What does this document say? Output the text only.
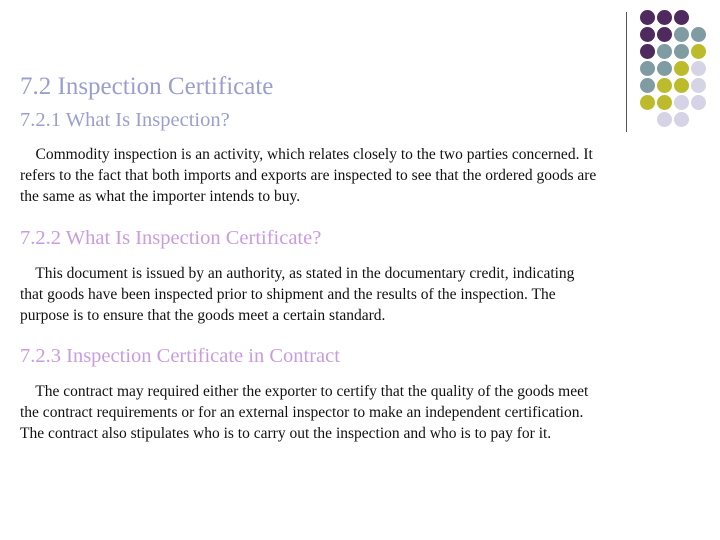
7.2 Inspection Certificate
7.2.1 What Is Inspection?

Commodity inspection is an activity, which relates closely to the two parties concerned. It
refers to the fact that both imports and exports are inspected to see that the ordered goods are
the same as what the importer intends to buy.

7.2.2 What Is Inspection Certificate?

This document is issued by an authority, as stated in the documentary credit, indicating
that goods have been inspected prior to shipment and the results of the inspection. The
purpose is to ensure that the goods meet a certain standard.

7.2.3 Inspection Certificate in Contract

The contract may required either the exporter to certify that the quality of the goods meet
the contract requirements or for an external inspector to make an independent certification.
The contract also stipulates who is to carry out the inspection and who is to pay for it.
